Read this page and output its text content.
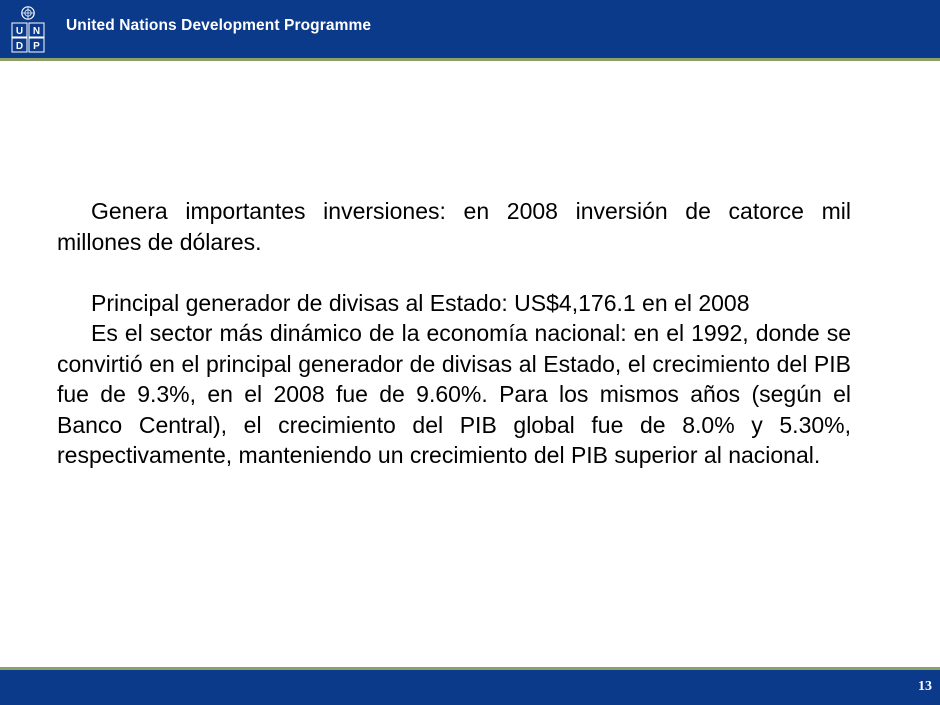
U N
D P
United Nations Development Programme

Genera importantes inversiones: en 2008 inversión de catorce mil millones de dólares.

Principal generador de divisas al Estado: US$4,176.1 en el 2008

Es el sector más dinámico de la economía nacional: en el 1992, donde se convirtió en el principal generador de divisas al Estado, el crecimiento del PIB fue de 9.3%, en el 2008 fue de 9.60%. Para los mismos años (según el Banco Central), el crecimiento del PIB global fue de 8.0% y 5.30%, respectivamente, manteniendo un crecimiento del PIB superior al nacional.

13
